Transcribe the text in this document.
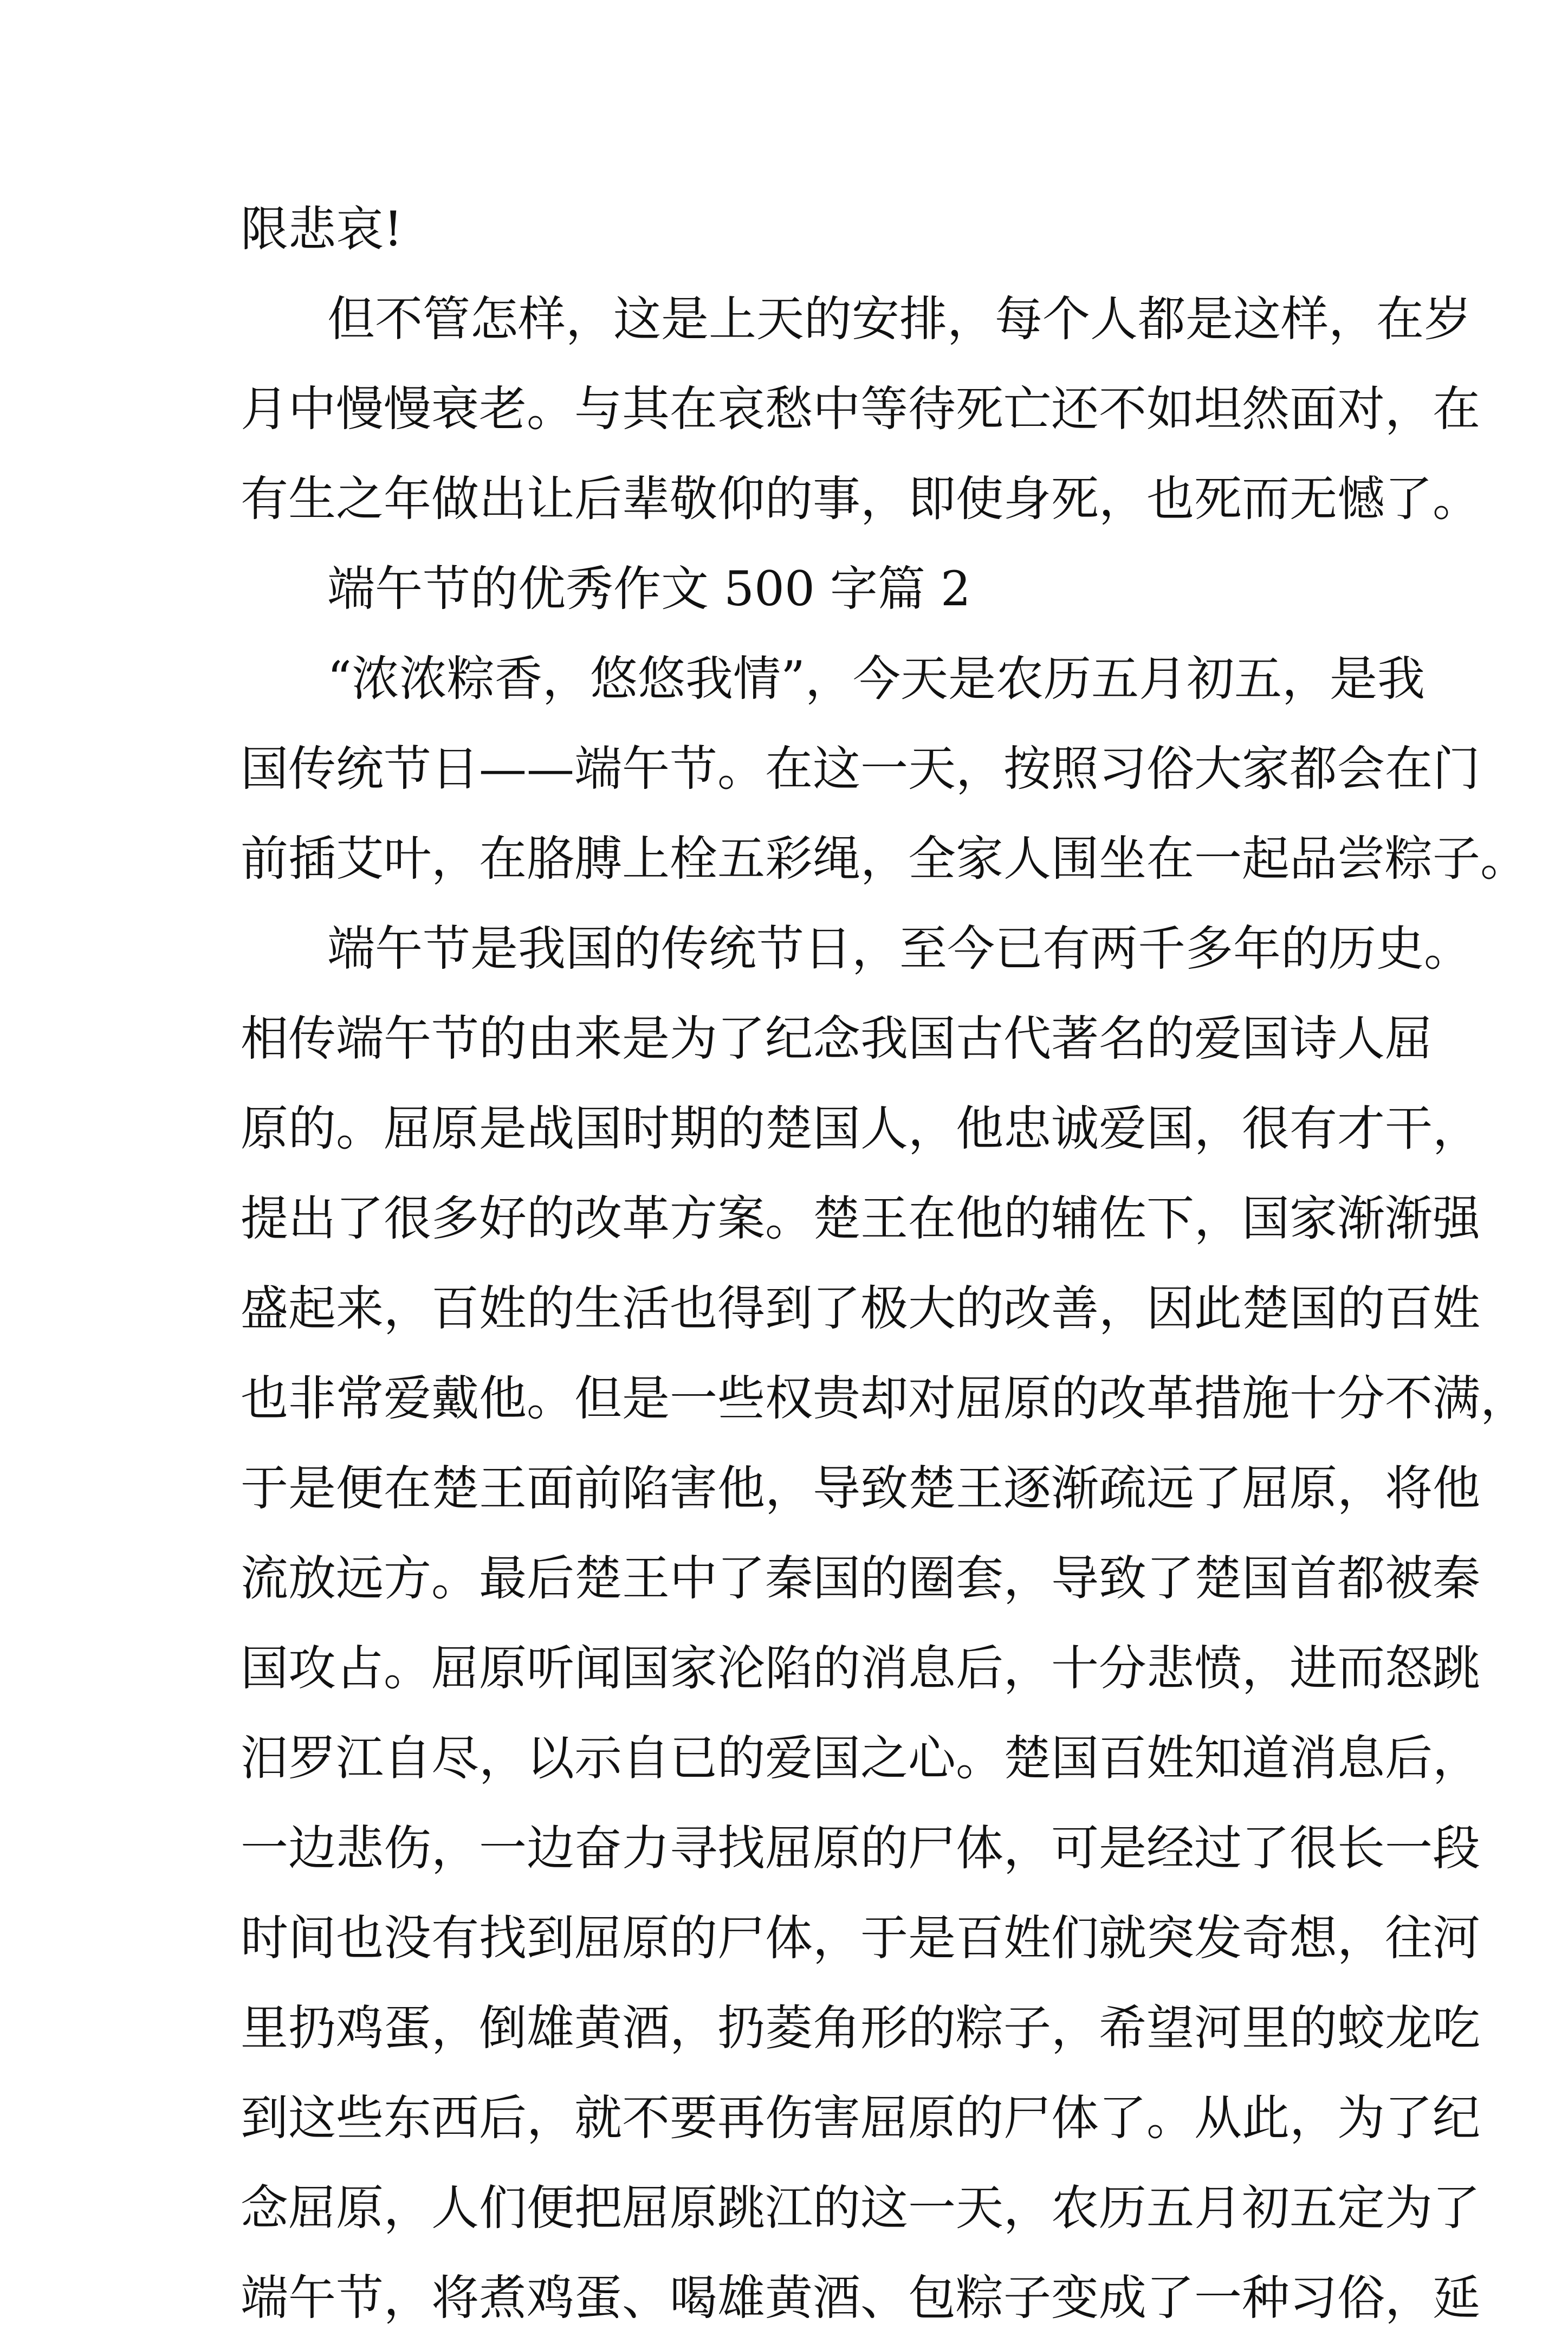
限悲哀!
但不管怎样，这是上天的安排，每个人都是这样，在岁
月中慢慢衰老。与其在哀愁中等待死亡还不如坦然面对，在
有生之年做出让后辈敬仰的事，即使身死，也死而无憾了。
端午节的优秀作文 500 字篇 2
“浓浓粽香，悠悠我情”，今天是农历五月初五，是我
国传统节日——端午节。在这一天，按照习俗大家都会在门
前插艾叶，在胳膊上栓五彩绳，全家人围坐在一起品尝粽子。
端午节是我国的传统节日，至今已有两千多年的历史。
相传端午节的由来是为了纪念我国古代著名的爱国诗人屈
原的。屈原是战国时期的楚国人，他忠诚爱国，很有才干，
提出了很多好的改革方案。楚王在他的辅佐下，国家渐渐强
盛起来，百姓的生活也得到了极大的改善，因此楚国的百姓
也非常爱戴他。但是一些权贵却对屈原的改革措施十分不满，
于是便在楚王面前陷害他，导致楚王逐渐疏远了屈原，将他
流放远方。最后楚王中了秦国的圈套，导致了楚国首都被秦
国攻占。屈原听闻国家沦陷的消息后，十分悲愤，进而怒跳
汨罗江自尽，以示自已的爱国之心。楚国百姓知道消息后，
一边悲伤，一边奋力寻找屈原的尸体，可是经过了很长一段
时间也没有找到屈原的尸体，于是百姓们就突发奇想，往河
里扔鸡蛋，倒雄黄酒，扔菱角形的粽子，希望河里的蛟龙吃
到这些东西后，就不要再伤害屈原的尸体了。从此，为了纪
念屈原，人们便把屈原跳江的这一天，农历五月初五定为了
端午节，将煮鸡蛋、喝雄黄酒、包粽子变成了一种习俗，延
